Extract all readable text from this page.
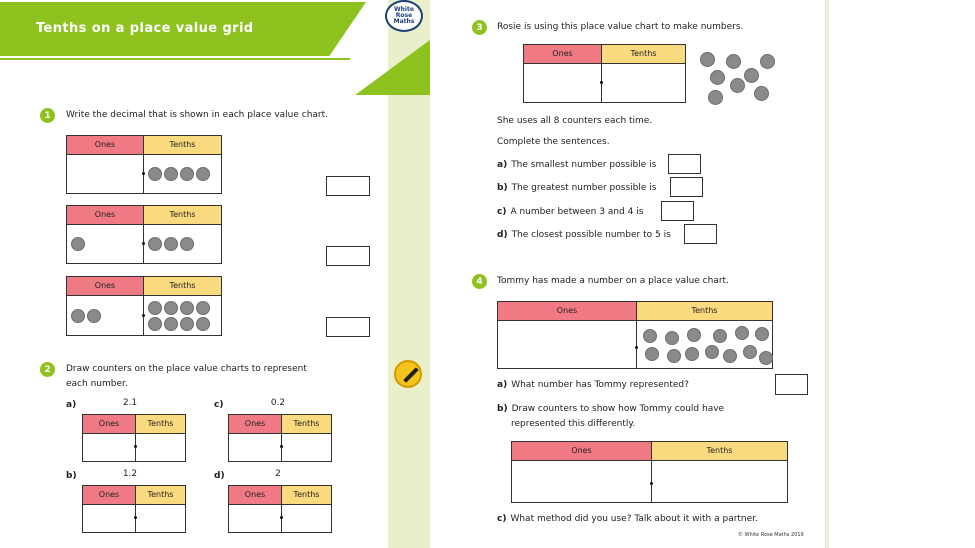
Tenths on a place value grid
White
Rose
Maths
1	Write the decimal that is shown in each place value chart.
Ones	Tenths
Ones	Tenths
Ones	Tenths
2	Draw counters on the place value charts to represent
each number.
a)	2.1
Ones	Tenths
c)	0.2
Ones	Tenths
b)	1.2
Ones	Tenths
d)	2
Ones	Tenths
3	Rosie is using this place value chart to make numbers.
Ones	Tenths
She uses all 8 counters each time.
Complete the sentences.
a) The smallest number possible is
b) The greatest number possible is
c) A number between 3 and 4 is
d) The closest possible number to 5 is
4	Tommy has made a number on a place value chart.
Ones	Tenths
a) What number has Tommy represented?
b) Draw counters to show how Tommy could have
represented this differently.
Ones	Tenths
c) What method did you use? Talk about it with a partner.
© White Rose Maths 2019
